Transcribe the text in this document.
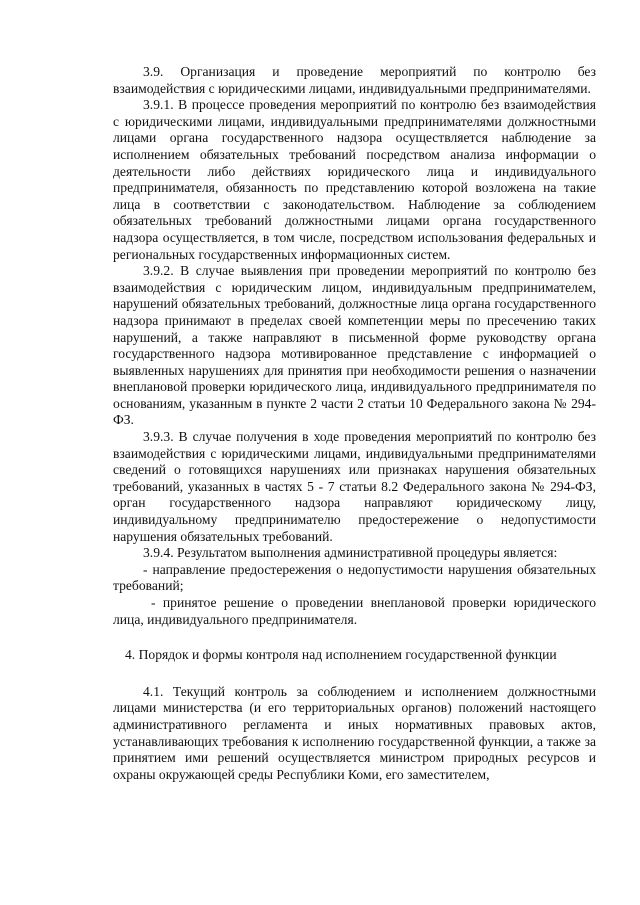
3.9. Организация и проведение мероприятий по контролю без взаимодействия с юридическими лицами, индивидуальными предпринимателями.

3.9.1. В процессе проведения мероприятий по контролю без взаимодействия с юридическими лицами, индивидуальными предпринимателями должностными лицами органа государственного надзора осуществляется наблюдение за исполнением обязательных требований посредством анализа информации о деятельности либо действиях юридического лица и индивидуального предпринимателя, обязанность по представлению которой возложена на такие лица в соответствии с законодательством. Наблюдение за соблюдением обязательных требований должностными лицами органа государственного надзора осуществляется, в том числе, посредством использования федеральных и региональных государственных информационных систем.

3.9.2. В случае выявления при проведении мероприятий по контролю без взаимодействия с юридическим лицом, индивидуальным предпринимателем, нарушений обязательных требований, должностные лица органа государственного надзора принимают в пределах своей компетенции меры по пресечению таких нарушений, а также направляют в письменной форме руководству органа государственного надзора мотивированное представление с информацией о выявленных нарушениях для принятия при необходимости решения о назначении внеплановой проверки юридического лица, индивидуального предпринимателя по основаниям, указанным в пункте 2 части 2 статьи 10 Федерального закона № 294-ФЗ.

3.9.3. В случае получения в ходе проведения мероприятий по контролю без взаимодействия с юридическими лицами, индивидуальными предпринимателями сведений о готовящихся нарушениях или признаках нарушения обязательных требований, указанных в частях 5 - 7 статьи 8.2 Федерального закона № 294-ФЗ, орган государственного надзора направляют юридическому лицу, индивидуальному предпринимателю предостережение о недопустимости нарушения обязательных требований.

3.9.4. Результатом выполнения административной процедуры является:

- направление предостережения о недопустимости нарушения обязательных требований;

- принятое решение о проведении внеплановой проверки юридического лица, индивидуального предпринимателя.

4. Порядок и формы контроля над исполнением государственной функции

4.1. Текущий контроль за соблюдением и исполнением должностными лицами министерства (и его территориальных органов) положений настоящего административного регламента и иных нормативных правовых актов, устанавливающих требования к исполнению государственной функции, а также за принятием ими решений осуществляется министром природных ресурсов и охраны окружающей среды Республики Коми, его заместителем,
